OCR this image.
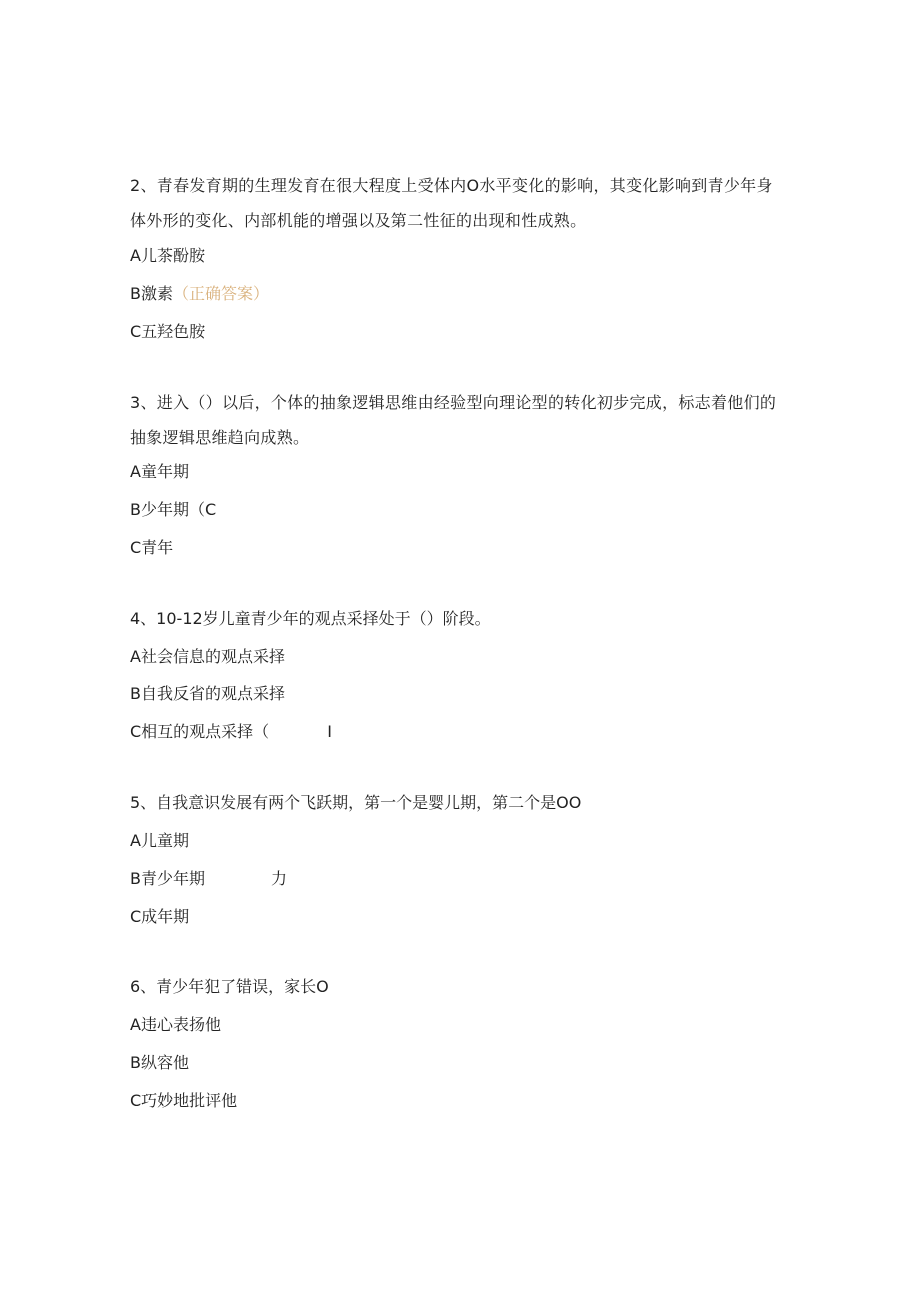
2、青春发育期的生理发育在很大程度上受体内O水平变化的影响，其变化影响到青少年身体外形的变化、内部机能的增强以及第二性征的出现和性成熟。
A儿茶酚胺
B激素（正确答案）
C五羟色胺
3、进入（）以后，个体的抽象逻辑思维由经验型向理论型的转化初步完成，标志着他们的抽象逻辑思维趋向成熟。
A童年期
B少年期（C
C青年
4、10-12岁儿童青少年的观点采择处于（）阶段。
A社会信息的观点采择
B自我反省的观点采择
C相互的观点采择（	I
5、自我意识发展有两个飞跃期，第一个是婴儿期，第二个是OO
A儿童期
B青少年期	力
C成年期
6、青少年犯了错误，家长O
A违心表扬他
B纵容他
C巧妙地批评他
